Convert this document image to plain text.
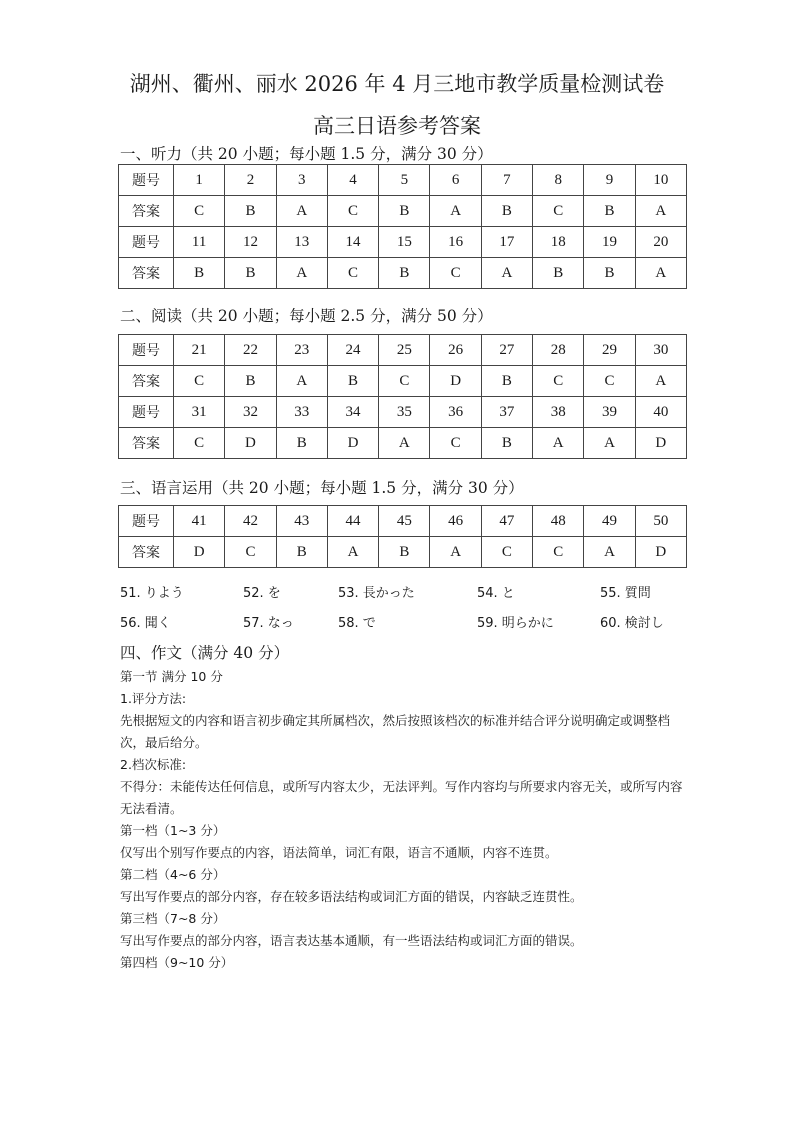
湖州、衢州、丽水 2026 年 4 月三地市教学质量检测试卷
高三日语参考答案
一、听力（共 20 小题；每小题 1.5 分，满分 30 分）
题号	1	2	3	4	5	6	7	8	9	10
答案	C	B	A	C	B	A	B	C	B	A
题号	11	12	13	14	15	16	17	18	19	20
答案	B	B	A	C	B	C	A	B	B	A
二、阅读（共 20 小题；每小题 2.5 分，满分 50 分）
题号	21	22	23	24	25	26	27	28	29	30
答案	C	B	A	B	C	D	B	C	C	A
题号	31	32	33	34	35	36	37	38	39	40
答案	C	D	B	D	A	C	B	A	A	D
三、语言运用（共 20 小题；每小题 1.5 分，满分 30 分）
题号	41	42	43	44	45	46	47	48	49	50
答案	D	C	B	A	B	A	C	C	A	D
51. りよう	52. を	53. 長かった	54. と	55. 質問
56. 聞く	57. なっ	58. で	59. 明らかに	60. 検討し
四、作文（满分 40 分）
第一节 满分 10 分
1.评分方法:
先根据短文的内容和语言初步确定其所属档次，然后按照该档次的标准并结合评分说明确定或调整档次，最后给分。
2.档次标准:
不得分：未能传达任何信息，或所写内容太少，无法评判。写作内容均与所要求内容无关，或所写内容无法看清。
第一档（1~3 分）
仅写出个别写作要点的内容，语法简单，词汇有限，语言不通顺，内容不连贯。
第二档（4~6 分）
写出写作要点的部分内容，存在较多语法结构或词汇方面的错误，内容缺乏连贯性。
第三档（7~8 分）
写出写作要点的部分内容，语言表达基本通顺，有一些语法结构或词汇方面的错误。
第四档（9~10 分）
